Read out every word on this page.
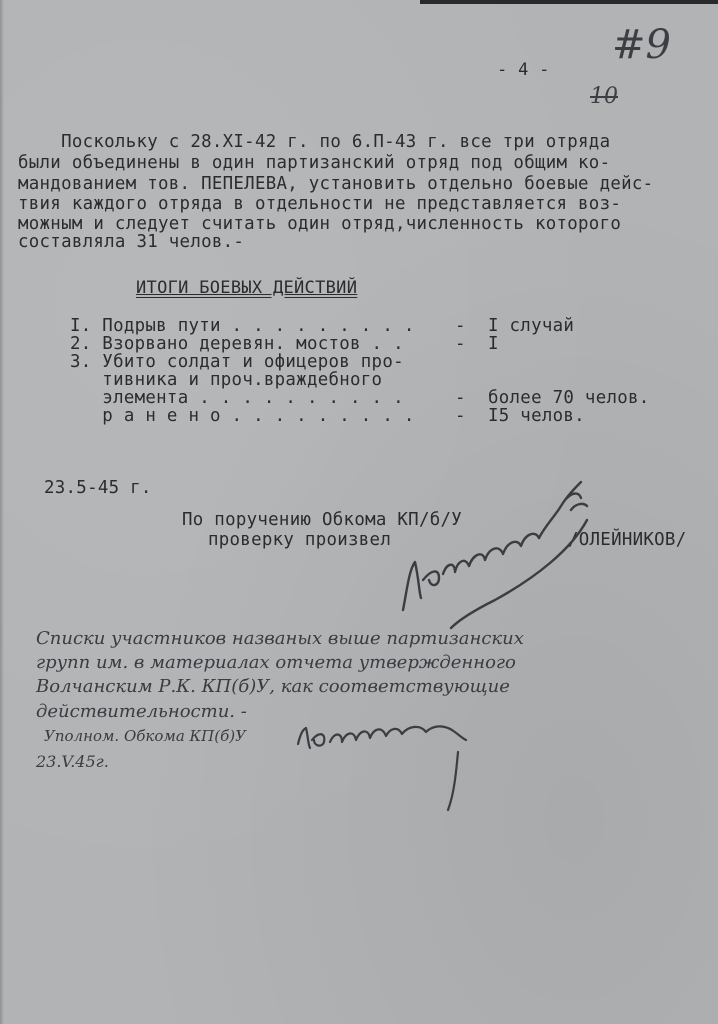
- 4 -

#9

10

Поскольку с 28.XI-42 г. по 6.П-43 г. все три отряда

были объединены в один партизанский отряд под общим ко-

мандованием тов. ПЕПЕЛЕВА, установить отдельно боевые дейс-

твия каждого отряда в отдельности не представляется воз-

можным и следует считать один отряд,численность которого

составляла 31 челов.-

ИТОГИ БОЕВЫХ ДЕЙСТВИЙ

I. Подрыв пути . . . . . . . . . - I случай

2. Взорвано деревян. мостов . .	- I

3. Убито солдат и офицеров про-

тивника и проч.враждебного

элемента . . . . . . . . . .	- более 70 челов.

р а н е н о . . . . . . . . . - I5 челов.

23.5-45 г.

По поручению Обкома КП/б/У

проверку произвел	/ОЛЕЙНИКОВ/

Списки участников названых выше партизанских

групп им. в материалах отчета утвержденного

Волчанским Р.К. КП(б)У, как соответствующие

действительности. -

Уполном. Обкома КП(б)У

23.V.45г.
